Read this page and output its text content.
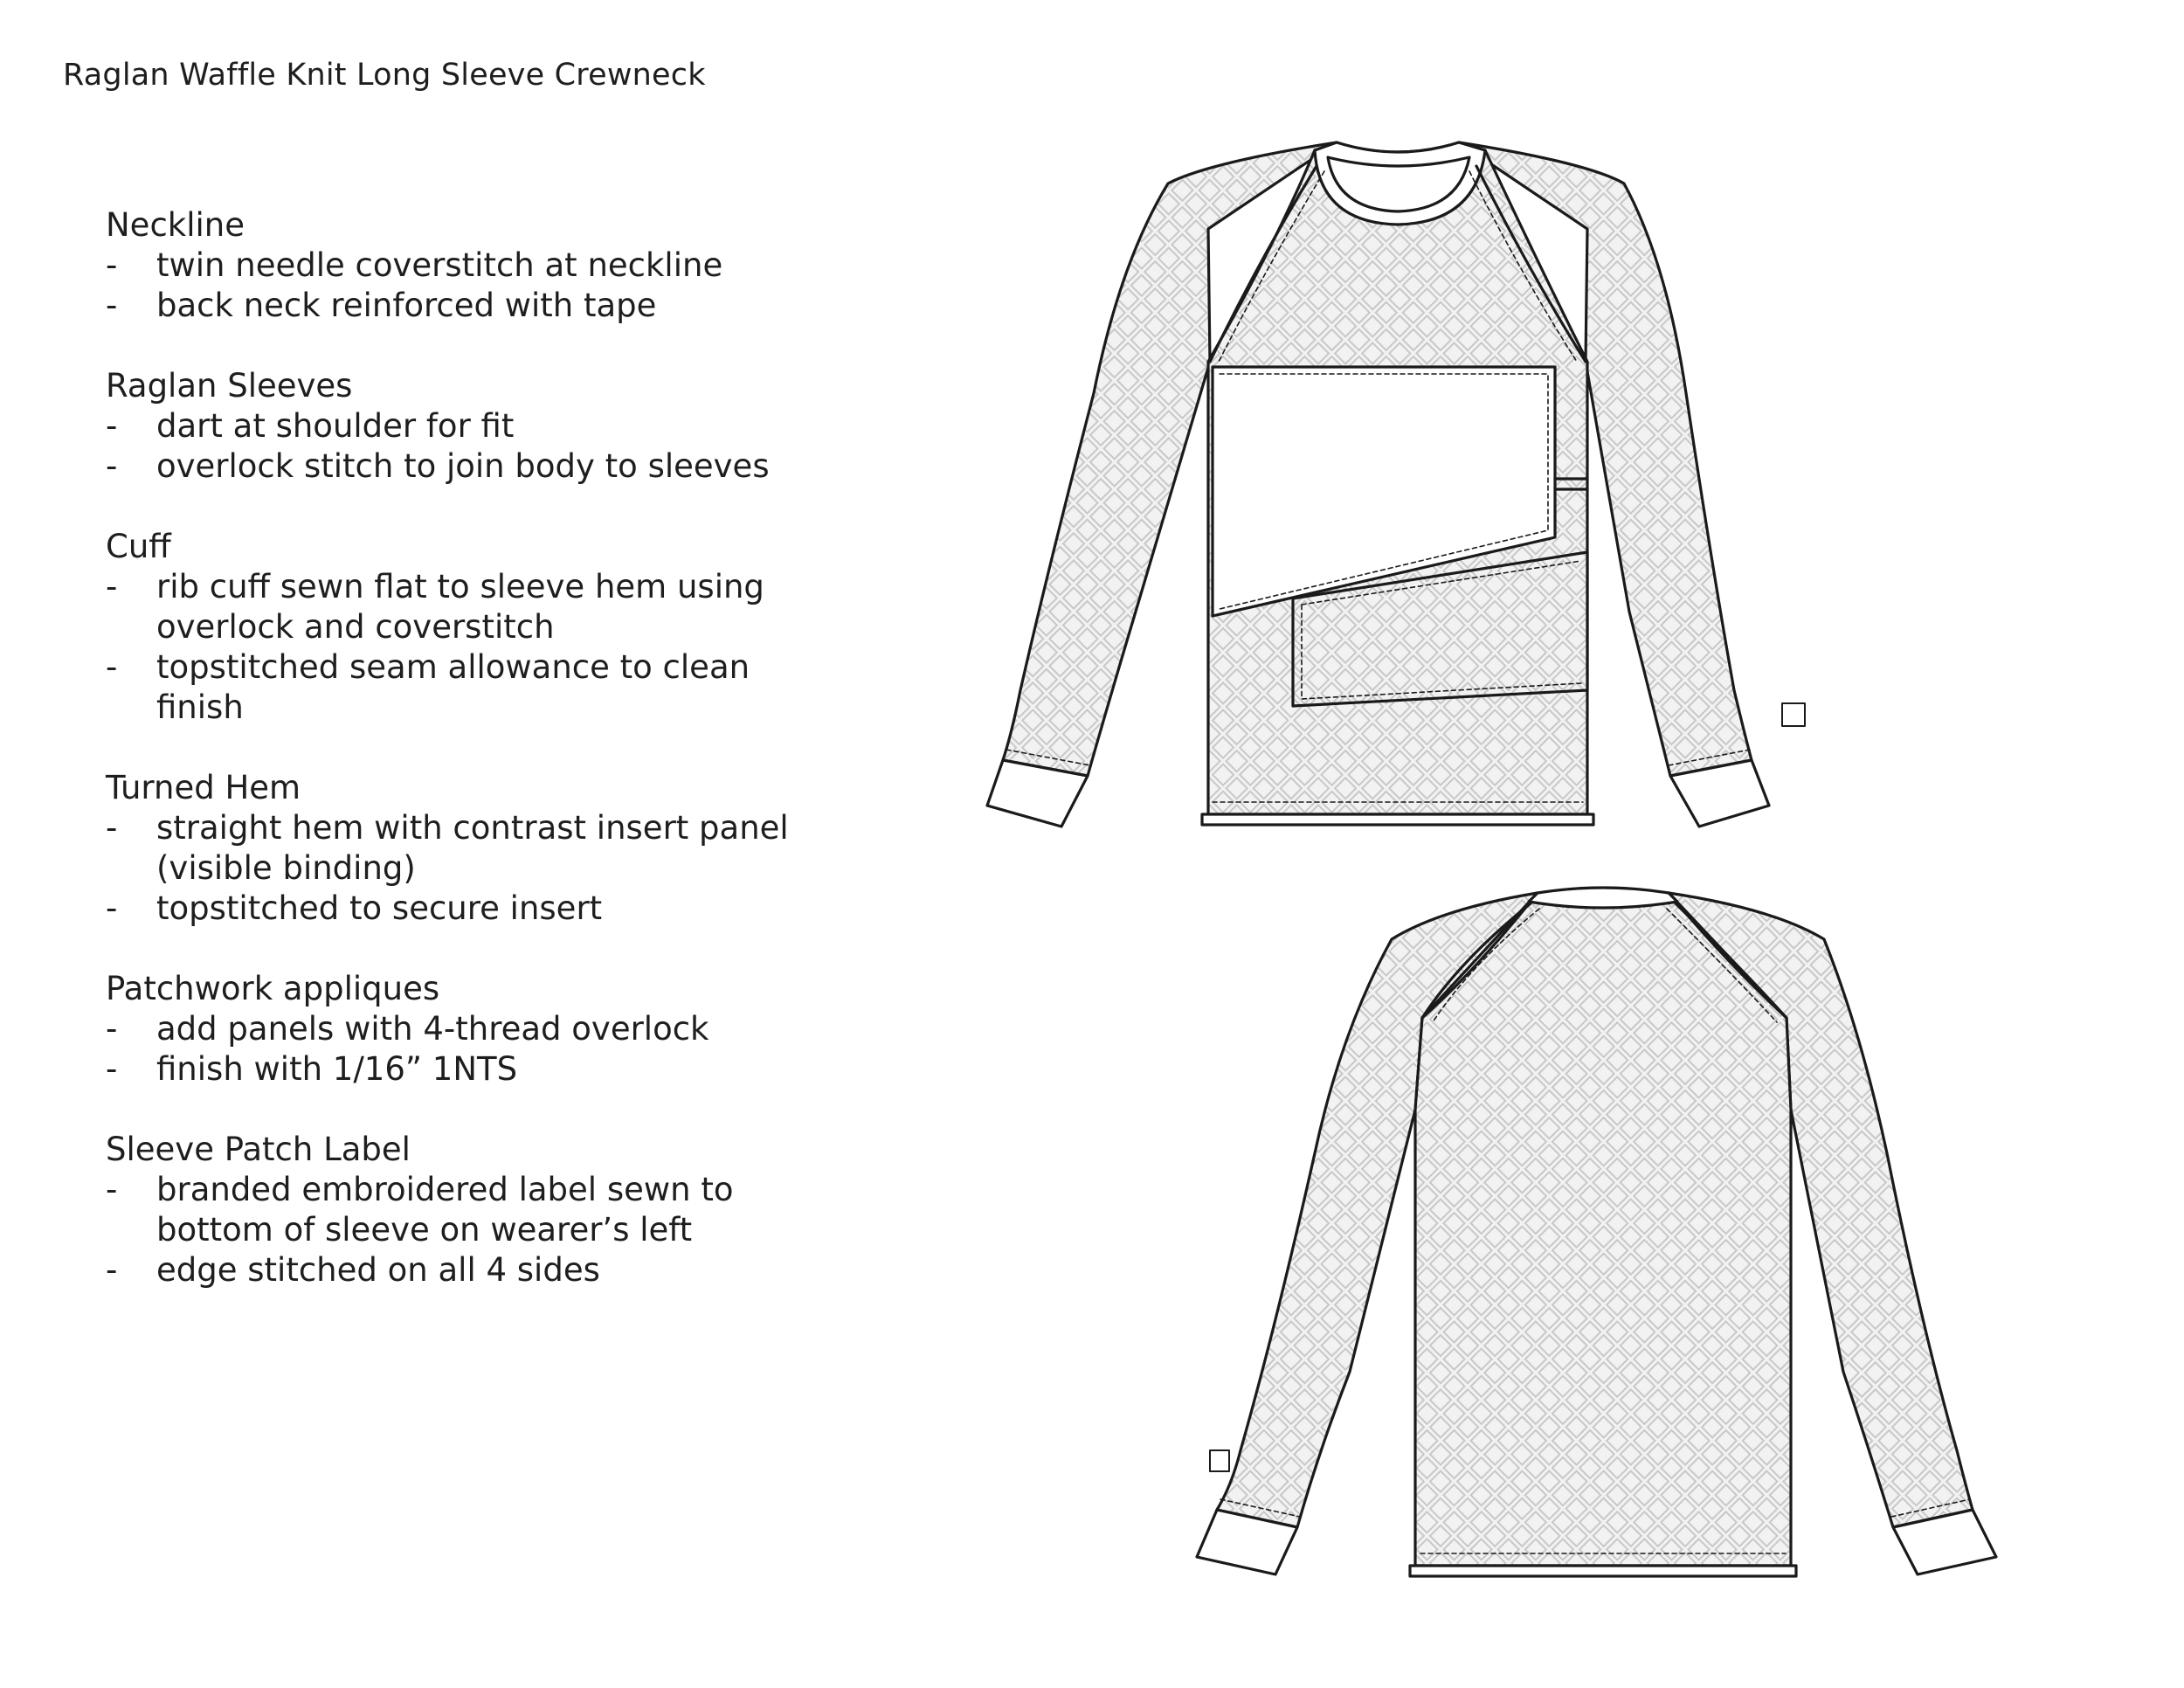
Raglan Waffle Knit Long Sleeve Crewneck
Neckline
- twin needle coverstitch at neckline
- back neck reinforced with tape
Raglan Sleeves
- dart at shoulder for fit
- overlock stitch to join body to sleeves
Cuff
- rib cuff sewn flat to sleeve hem using overlock and coverstitch
- topstitched seam allowance to clean finish
Turned Hem
- straight hem with contrast insert panel (visible binding)
- topstitched to secure insert
Patchwork appliques
- add panels with 4-thread overlock
- finish with 1/16” 1NTS
Sleeve Patch Label
- branded embroidered label sewn to bottom of sleeve on wearer’s left
- edge stitched on all 4 sides
